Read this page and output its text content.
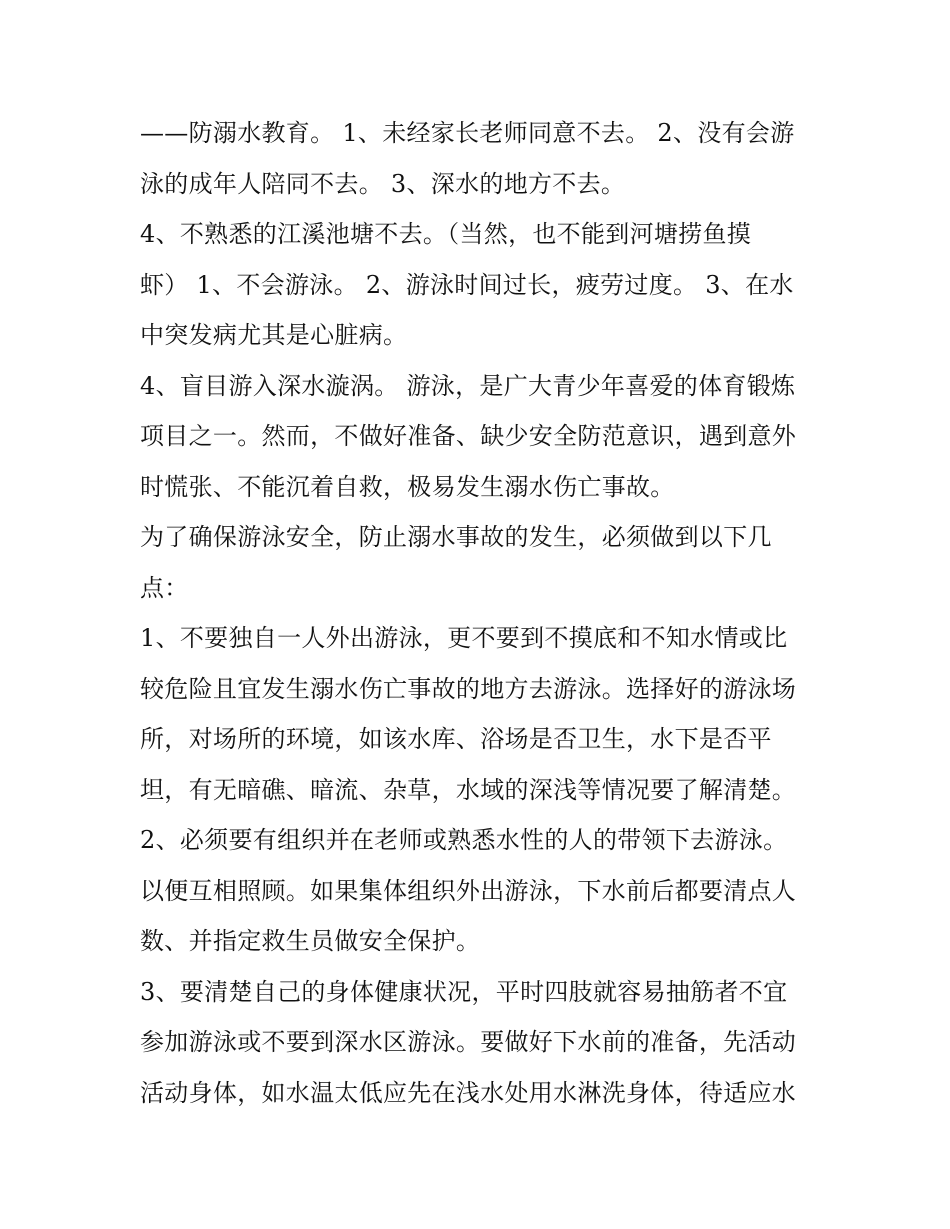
——防溺水教育。 1、未经家长老师同意不去。 2、没有会游

泳的成年人陪同不去。 3、深水的地方不去。

4、不熟悉的江溪池塘不去。（当然，也不能到河塘捞鱼摸

虾） 1、不会游泳。 2、游泳时间过长，疲劳过度。 3、在水

中突发病尤其是心脏病。

4、盲目游入深水漩涡。 游泳，是广大青少年喜爱的体育锻炼

项目之一。然而，不做好准备、缺少安全防范意识，遇到意外

时慌张、不能沉着自救，极易发生溺水伤亡事故。

为了确保游泳安全，防止溺水事故的发生，必须做到以下几

点：

1、不要独自一人外出游泳，更不要到不摸底和不知水情或比

较危险且宜发生溺水伤亡事故的地方去游泳。选择好的游泳场

所，对场所的环境，如该水库、浴场是否卫生，水下是否平

坦，有无暗礁、暗流、杂草，水域的深浅等情况要了解清楚。

2、必须要有组织并在老师或熟悉水性的人的带领下去游泳。

以便互相照顾。如果集体组织外出游泳，下水前后都要清点人

数、并指定救生员做安全保护。

3、要清楚自己的身体健康状况，平时四肢就容易抽筋者不宜

参加游泳或不要到深水区游泳。要做好下水前的准备，先活动

活动身体，如水温太低应先在浅水处用水淋洗身体，待适应水
